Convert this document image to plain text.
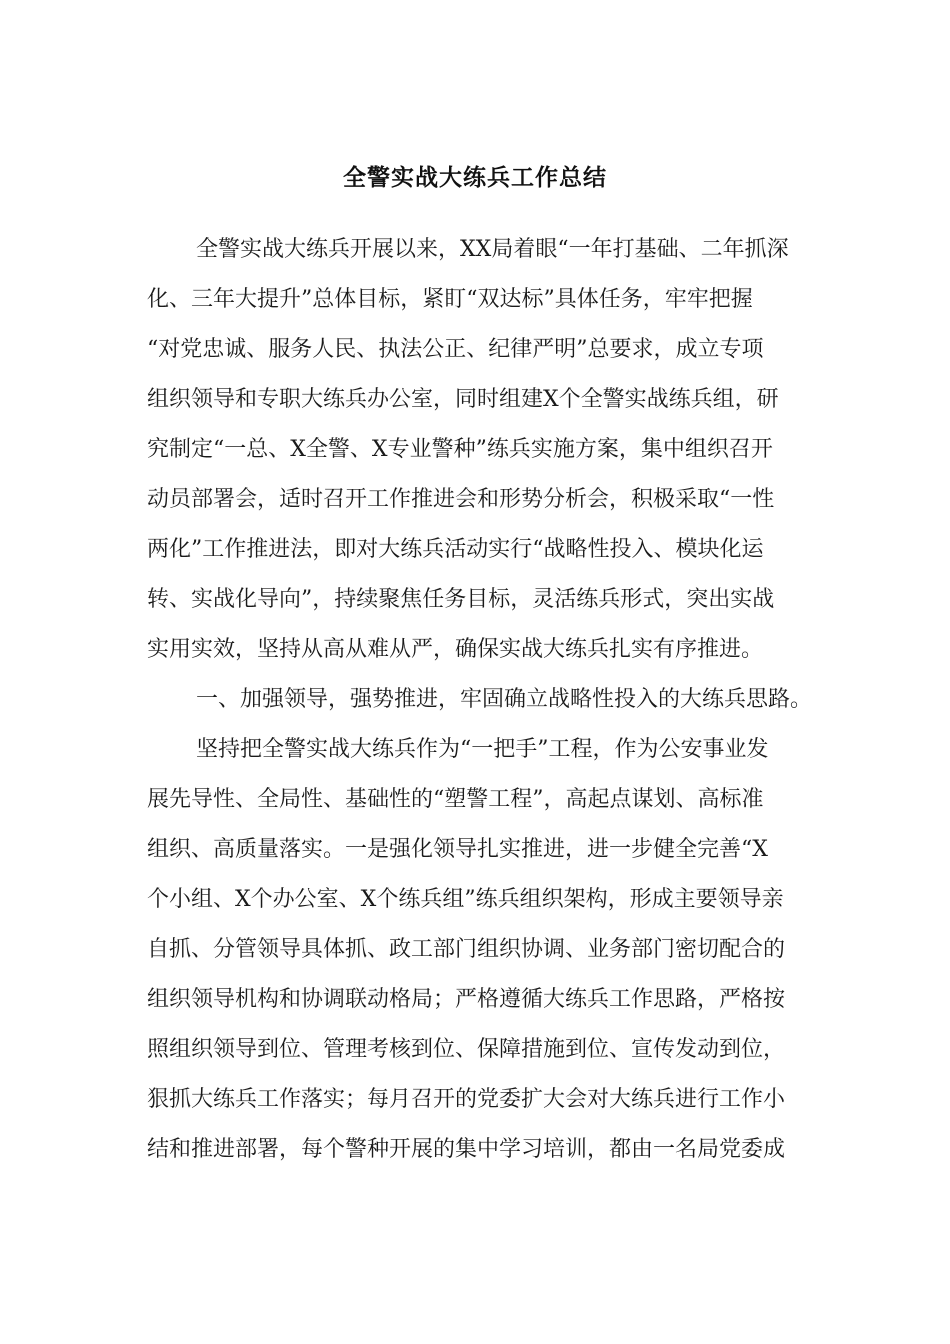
全警实战大练兵工作总结
全警实战大练兵开展以来，XX局着眼“一年打基础、二年抓深
化、三年大提升”总体目标，紧盯“双达标”具体任务，牢牢把握
“对党忠诚、服务人民、执法公正、纪律严明”总要求，成立专项
组织领导和专职大练兵办公室，同时组建X个全警实战练兵组，研
究制定“一总、X全警、X专业警种”练兵实施方案，集中组织召开
动员部署会，适时召开工作推进会和形势分析会，积极采取“一性
两化”工作推进法，即对大练兵活动实行“战略性投入、模块化运
转、实战化导向”，持续聚焦任务目标，灵活练兵形式，突出实战
实用实效，坚持从高从难从严，确保实战大练兵扎实有序推进。
一、加强领导，强势推进，牢固确立战略性投入的大练兵思路。
坚持把全警实战大练兵作为“一把手”工程，作为公安事业发
展先导性、全局性、基础性的“塑警工程”，高起点谋划、高标准
组织、高质量落实。一是强化领导扎实推进，进一步健全完善“X
个小组、X个办公室、X个练兵组”练兵组织架构，形成主要领导亲
自抓、分管领导具体抓、政工部门组织协调、业务部门密切配合的
组织领导机构和协调联动格局；严格遵循大练兵工作思路，严格按
照组织领导到位、管理考核到位、保障措施到位、宣传发动到位，
狠抓大练兵工作落实；每月召开的党委扩大会对大练兵进行工作小
结和推进部署，每个警种开展的集中学习培训，都由一名局党委成
